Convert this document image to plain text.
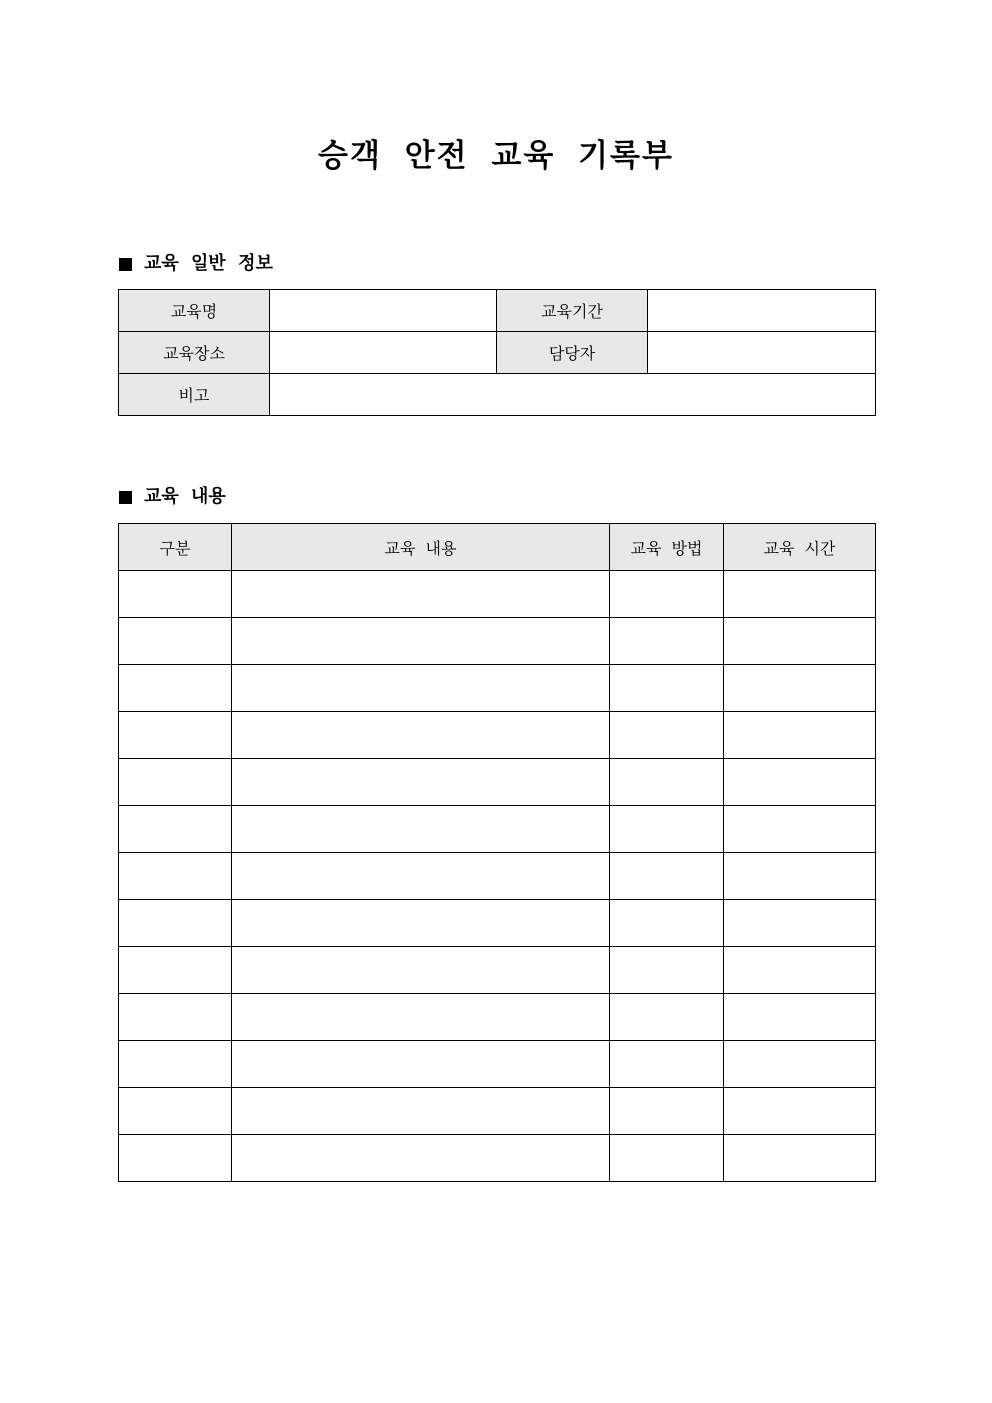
승객 안전 교육 기록부
교육 일반 정보
교육명		교육기간	
교육장소		담당자	
비고			
교육 내용
구분	교육 내용	교육 방법	교육 시간
